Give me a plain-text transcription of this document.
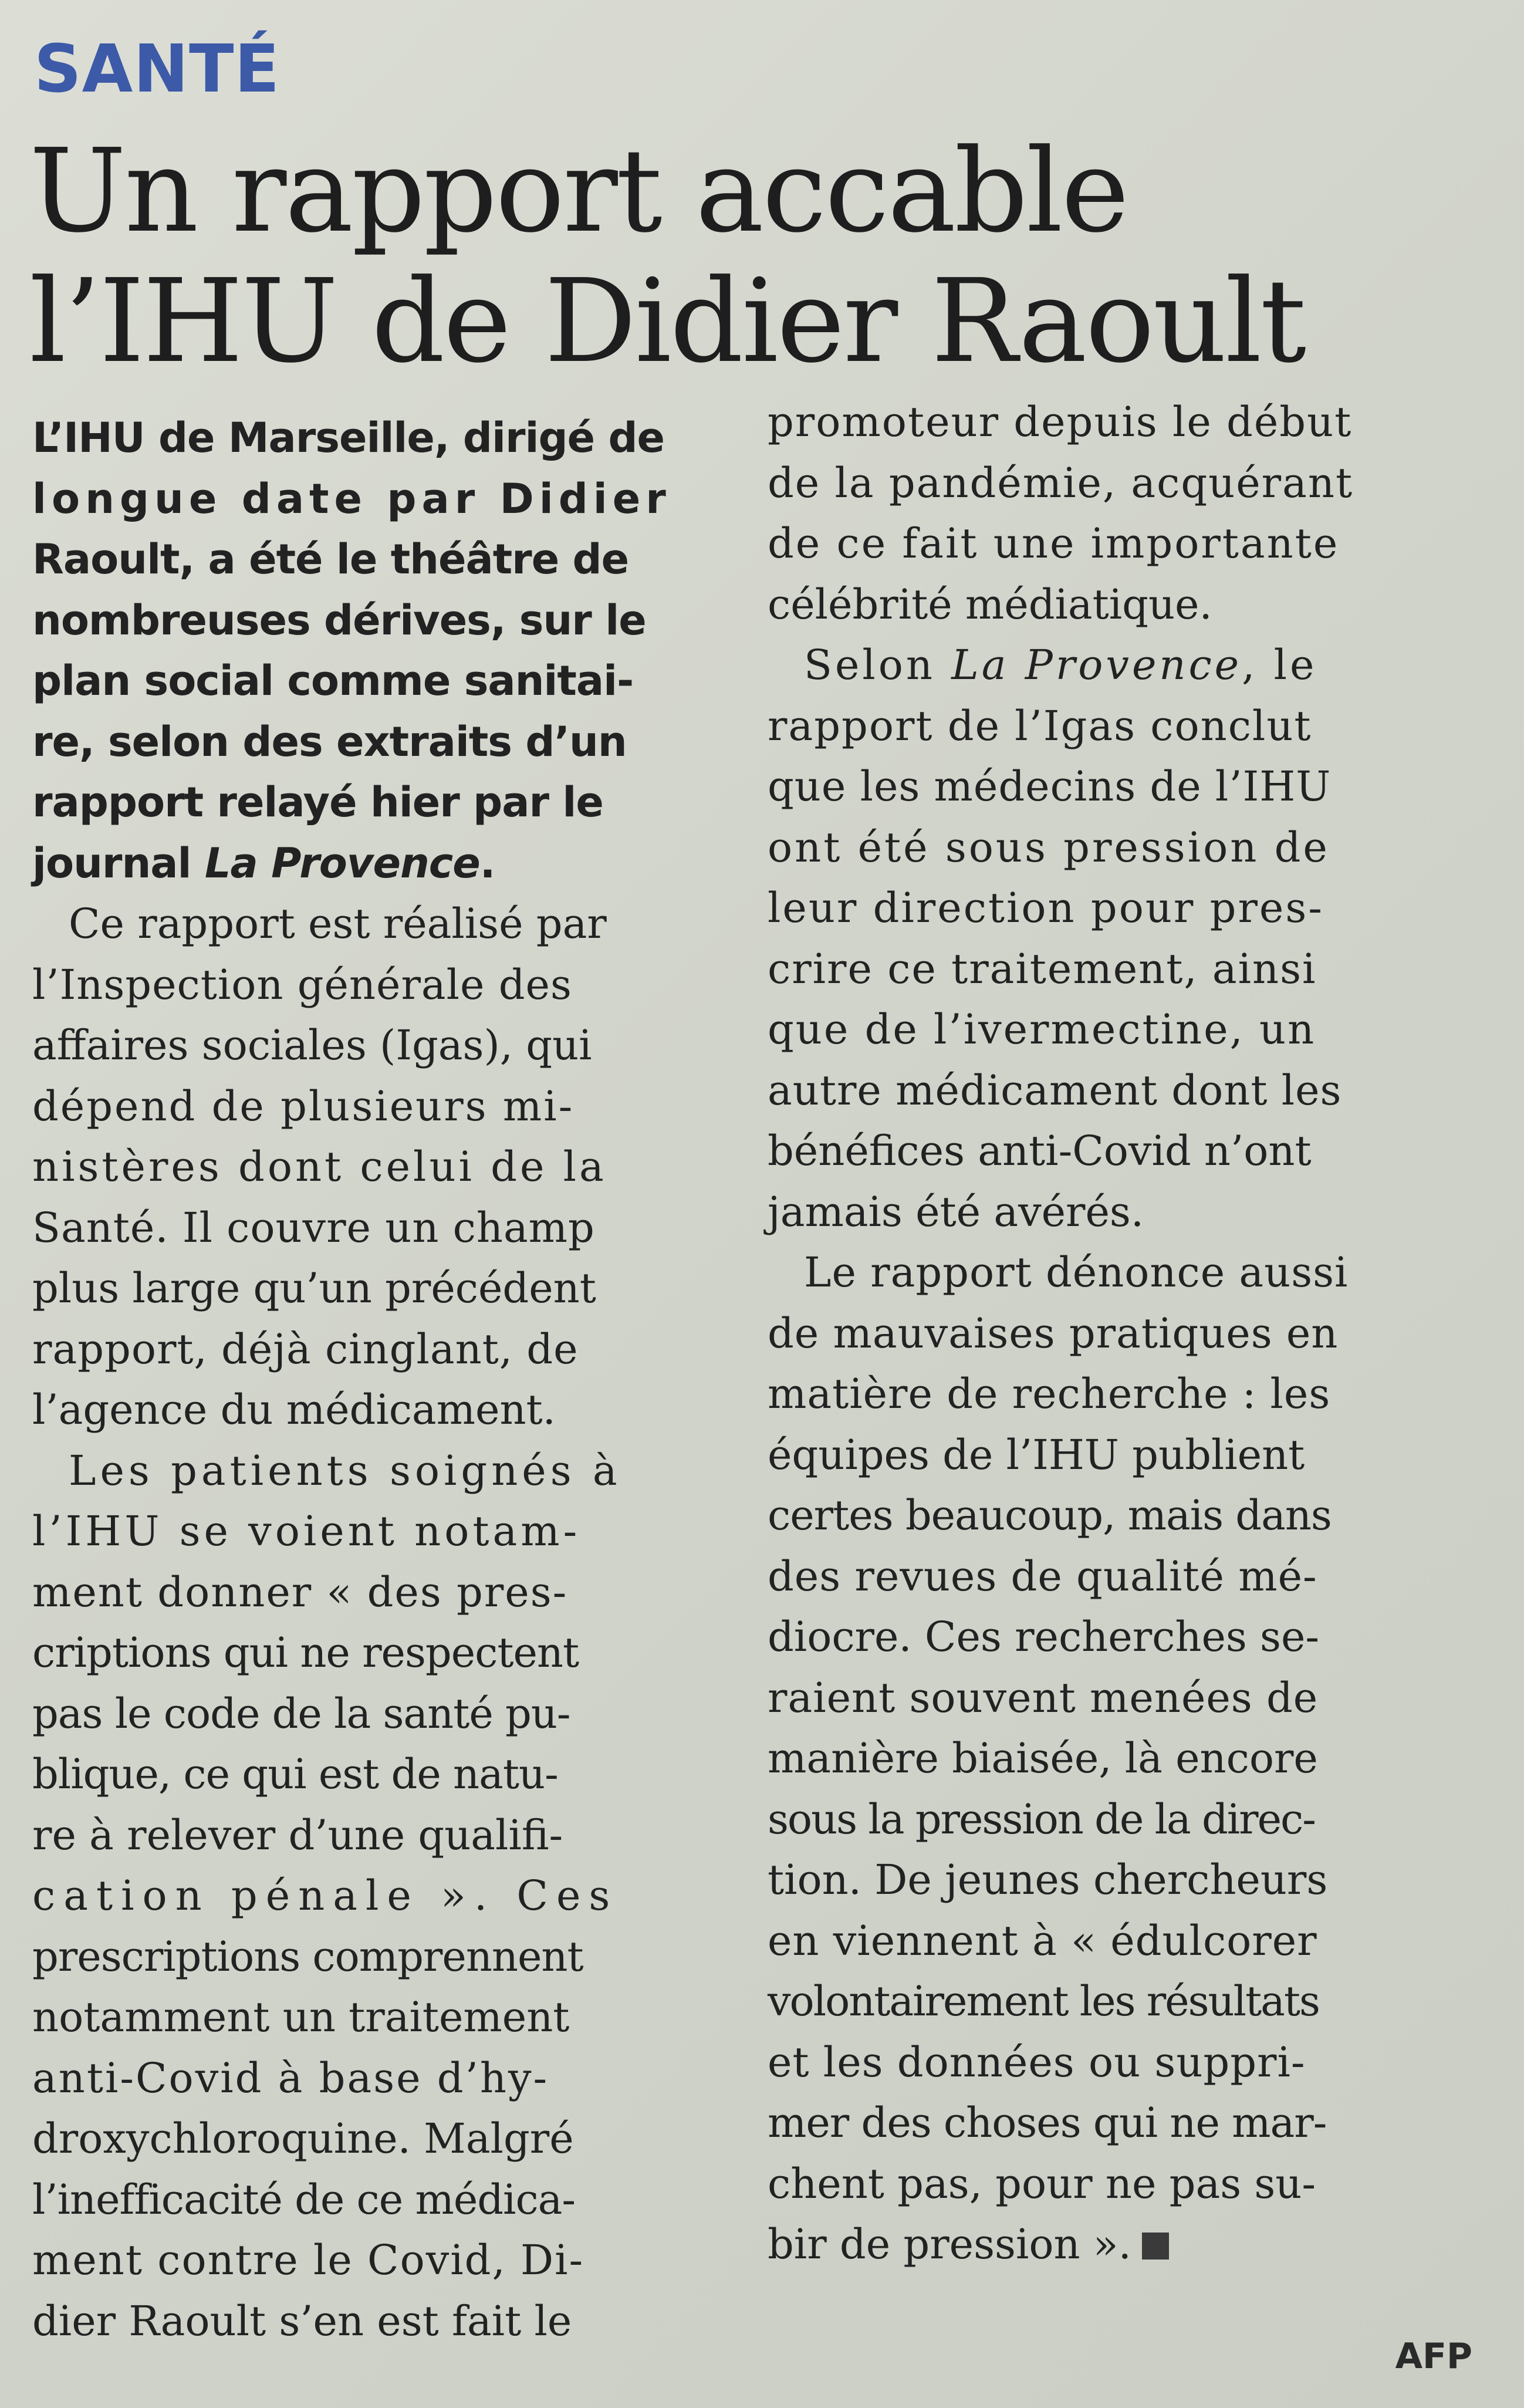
SANTÉ
Un rapport accable
l’IHU de Didier Raoult
L’IHU de Marseille, dirigé de
longue date par Didier
Raoult, a été le théâtre de
nombreuses dérives, sur le
plan social comme sanitai-
re, selon des extraits d’un
rapport relayé hier par le
journal La Provence.
Ce rapport est réalisé par
l’Inspection générale des
affaires sociales (Igas), qui
dépend de plusieurs mi-
nistères dont celui de la
Santé. Il couvre un champ
plus large qu’un précédent
rapport, déjà cinglant, de
l’agence du médicament.
Les patients soignés à
l’IHU se voient notam-
ment donner « des pres-
criptions qui ne respectent
pas le code de la santé pu-
blique, ce qui est de natu-
re à relever d’une qualifi-
cation pénale ». Ces
prescriptions comprennent
notamment un traitement
anti-Covid à base d’hy-
droxychloroquine. Malgré
l’inefficacité de ce médica-
ment contre le Covid, Di-
dier Raoult s’en est fait le
promoteur depuis le début
de la pandémie, acquérant
de ce fait une importante
célébrité médiatique.
Selon La Provence, le
rapport de l’Igas conclut
que les médecins de l’IHU
ont été sous pression de
leur direction pour pres-
crire ce traitement, ainsi
que de l’ivermectine, un
autre médicament dont les
bénéfices anti-Covid n’ont
jamais été avérés.
Le rapport dénonce aussi
de mauvaises pratiques en
matière de recherche : les
équipes de l’IHU publient
certes beaucoup, mais dans
des revues de qualité mé-
diocre. Ces recherches se-
raient souvent menées de
manière biaisée, là encore
sous la pression de la direc-
tion. De jeunes chercheurs
en viennent à « édulcorer
volontairement les résultats
et les données ou suppri-
mer des choses qui ne mar-
chent pas, pour ne pas su-
bir de pression ».
AFP
